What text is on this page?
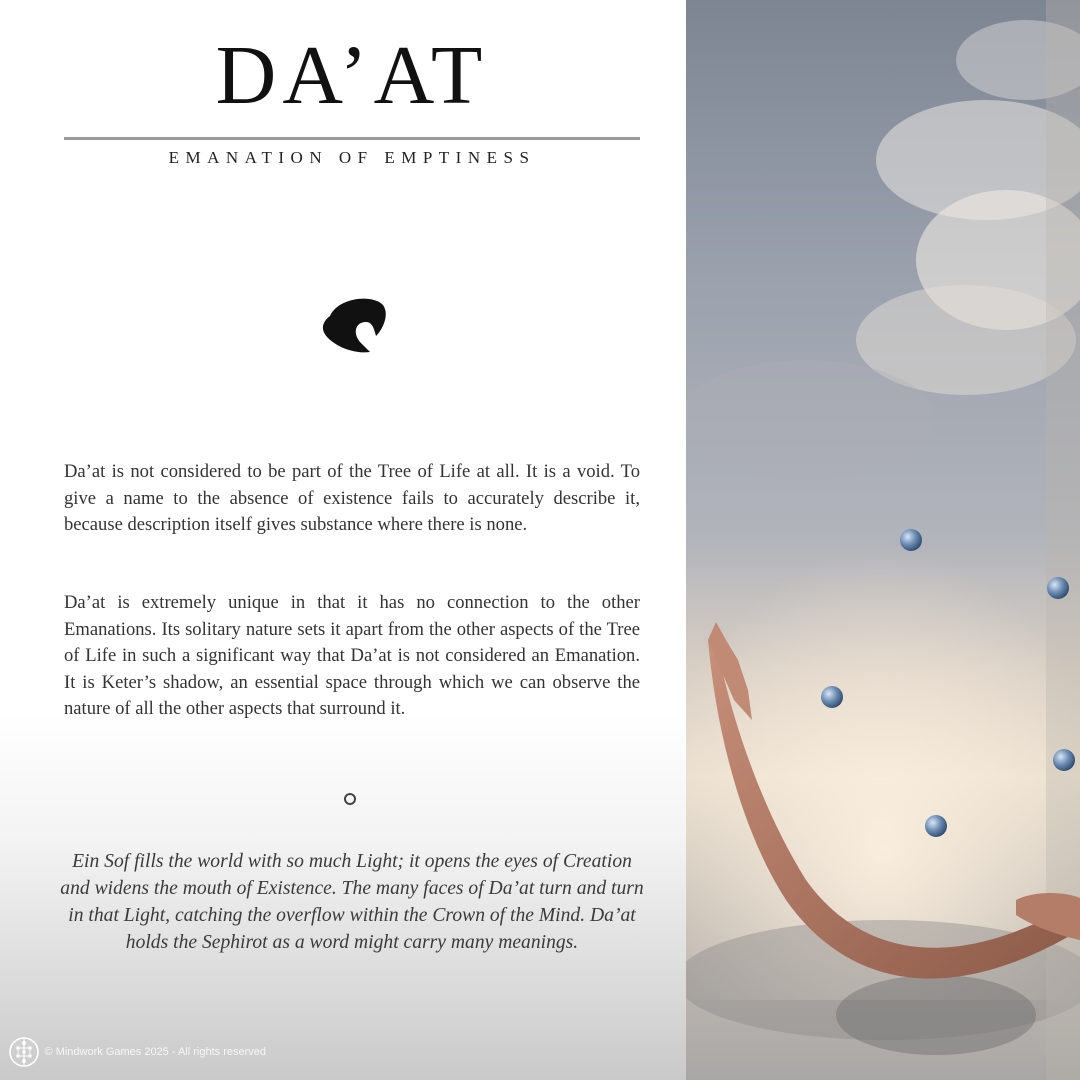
DA’AT
EMANATION OF EMPTINESS

Da’at is not considered to be part of the Tree of Life at all. It is a void. To give a name to the absence of existence fails to accurately describe it, because description itself gives substance where there is none.

Da’at is extremely unique in that it has no connection to the other Emanations. Its solitary nature sets it apart from the other aspects of the Tree of Life in such a significant way that Da’at is not considered an Emanation. It is Keter’s shadow, an essential space through which we can observe the nature of all the other aspects that surround it.

Ein Sof fills the world with so much Light; it opens the eyes of Creation and widens the mouth of Existence. The many faces of Da’at turn and turn in that Light, catching the overflow within the Crown of the Mind. Da’at holds the Sephirot as a word might carry many meanings.

© Mindwork Games 2025 - All rights reserved
